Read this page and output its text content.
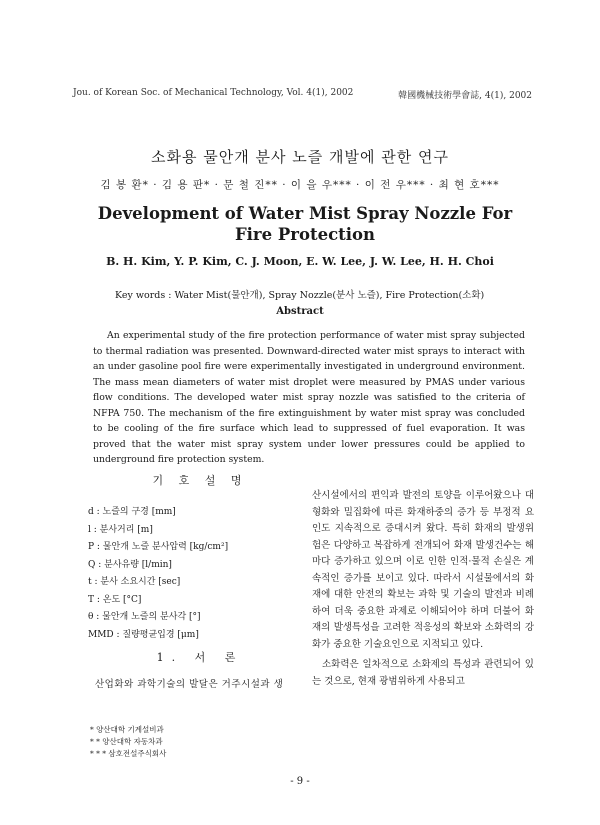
Jou. of Korean Soc. of Mechanical Technology, Vol. 4(1), 2002	韓國機械技術學會誌, 4(1), 2002
소화용 물안개 분사 노즐 개발에 관한 연구
김 봉 환* · 김 용 판* · 문 철 진** · 이 을 우*** · 이 전 우*** · 최 현 호***
Development of Water Mist Spray Nozzle For Fire Protection
B. H. Kim, Y. P. Kim, C. J. Moon, E. W. Lee, J. W. Lee, H. H. Choi
Key words : Water Mist(물안개), Spray Nozzle(분사 노즐), Fire Protection(소화)
Abstract

An experimental study of the fire protection performance of water mist spray subjected to thermal radiation was presented. Downward-directed water mist sprays to interact with an under gasoline pool fire were experimentally investigated in underground environment. The mass mean diameters of water mist droplet were measured by PMAS under various flow conditions. The developed water mist spray nozzle was satisfied to the criteria of NFPA 750. The mechanism of the fire extinguishment by water mist spray was concluded to be cooling of the fire surface which lead to suppressed of fuel evaporation. It was proved that the water mist spray system under lower pressures could be applied to underground fire protection system.

기 호 설 명
d : 노즐의 구경 [mm]
l : 분사거리 [m]
P : 물안개 노즐 분사압력 [kg/cm²]
Q : 분사유량 [l/min]
t : 분사 소요시간 [sec]
T : 온도 [°C]
θ : 물안개 노즐의 분사각 [°]
MMD : 질량평균입경 [μm]
1. 서 론

산업화와 과학기술의 발달은 거주시설과 생

* 양산대학 기계설비과
* * 양산대학 자동차과
* * * 삼호전설주식회사

산시설에서의 편익과 발전의 토양을 이루어왔으나 대형화와 밀집화에 따른 화재하중의 증가 등 부정적 요인도 지속적으로 증대시켜 왔다. 특히 화재의 발생위험은 다양하고 복잡하게 전개되어 화재 발생건수는 해마다 증가하고 있으며 이로 인한 인적·물적 손실은 계속적인 증가를 보이고 있다. 따라서 시설물에서의 화재에 대한 안전의 확보는 과학 및 기술의 발전과 비례하여 더욱 중요한 과제로 이해되어야 하며 더불어 화재의 발생특성을 고려한 적응성의 확보와 소화력의 강화가 중요한 기술요인으로 지적되고 있다.

소화력은 일차적으로 소화제의 특성과 관련되어 있는 것으로, 현재 광범위하게 사용되고

- 9 -
